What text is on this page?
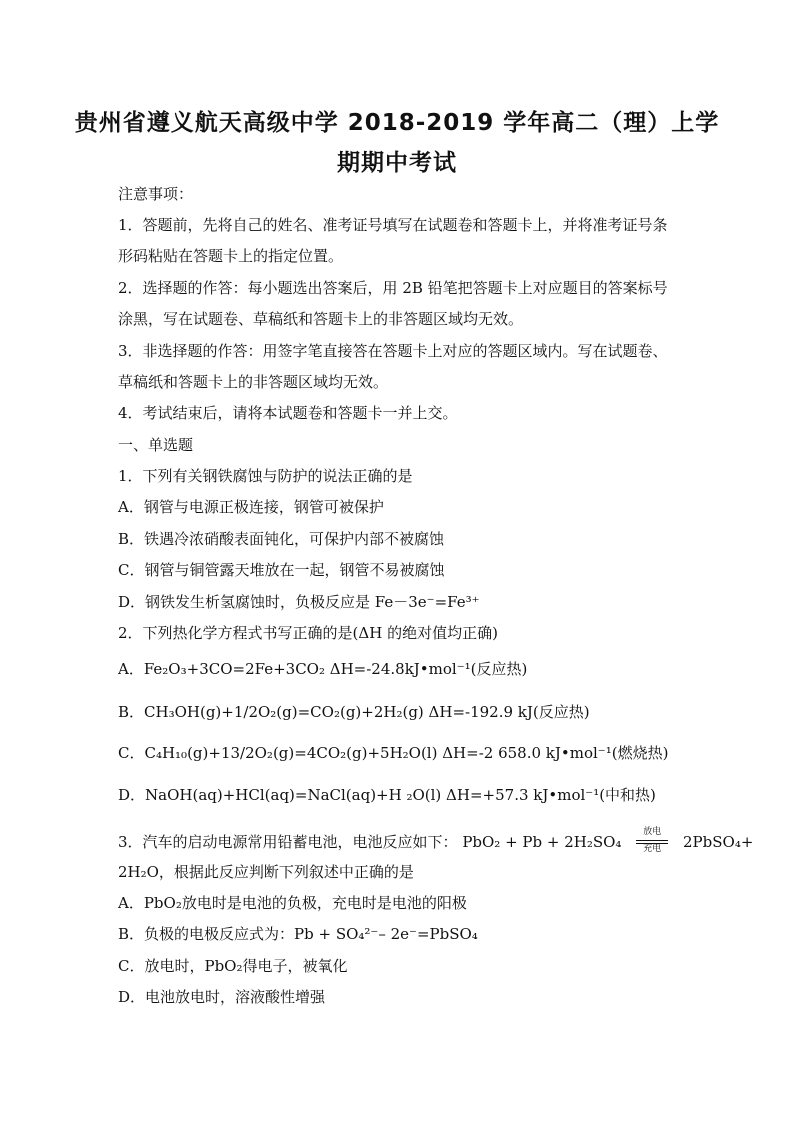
贵州省遵义航天高级中学 2018-2019 学年高二（理）上学
期期中考试
注意事项：
1．答题前，先将自己的姓名、准考证号填写在试题卷和答题卡上，并将准考证号条
形码粘贴在答题卡上的指定位置。
2．选择题的作答：每小题选出答案后，用 2B 铅笔把答题卡上对应题目的答案标号
涂黑，写在试题卷、草稿纸和答题卡上的非答题区域均无效。
3．非选择题的作答：用签字笔直接答在答题卡上对应的答题区域内。写在试题卷、
草稿纸和答题卡上的非答题区域均无效。
4．考试结束后，请将本试题卷和答题卡一并上交。
一、单选题
1．下列有关钢铁腐蚀与防护的说法正确的是
A．钢管与电源正极连接，钢管可被保护
B．铁遇冷浓硝酸表面钝化，可保护内部不被腐蚀
C．钢管与铜管露天堆放在一起，钢管不易被腐蚀
D．钢铁发生析氢腐蚀时，负极反应是 Fe－3e⁻=Fe³⁺
2．下列热化学方程式书写正确的是(ΔH 的绝对值均正确)
A．Fe₂O₃+3CO=2Fe+3CO₂ ΔH=-24.8kJ•mol⁻¹(反应热)
B．CH₃OH(g)+1/2O₂(g)=CO₂(g)+2H₂(g) ΔH=-192.9 kJ(反应热)
C．C₄H₁₀(g)+13/2O₂(g)=4CO₂(g)+5H₂O(l) ΔH=-2 658.0 kJ•mol⁻¹(燃烧热)
D．NaOH(aq)+HCl(aq)=NaCl(aq)+H ₂O(l) ΔH=+57.3 kJ•mol⁻¹(中和热)
3．汽车的启动电源常用铅蓄电池，电池反应如下： PbO₂ + Pb + 2H₂SO₄
放电
充电	2PbSO₄+
2H₂O，根据此反应判断下列叙述中正确的是
A．PbO₂放电时是电池的负极，充电时是电池的阳极
B．负极的电极反应式为：Pb + SO₄²⁻– 2e⁻=PbSO₄
C．放电时，PbO₂得电子，被氧化
D．电池放电时，溶液酸性增强
